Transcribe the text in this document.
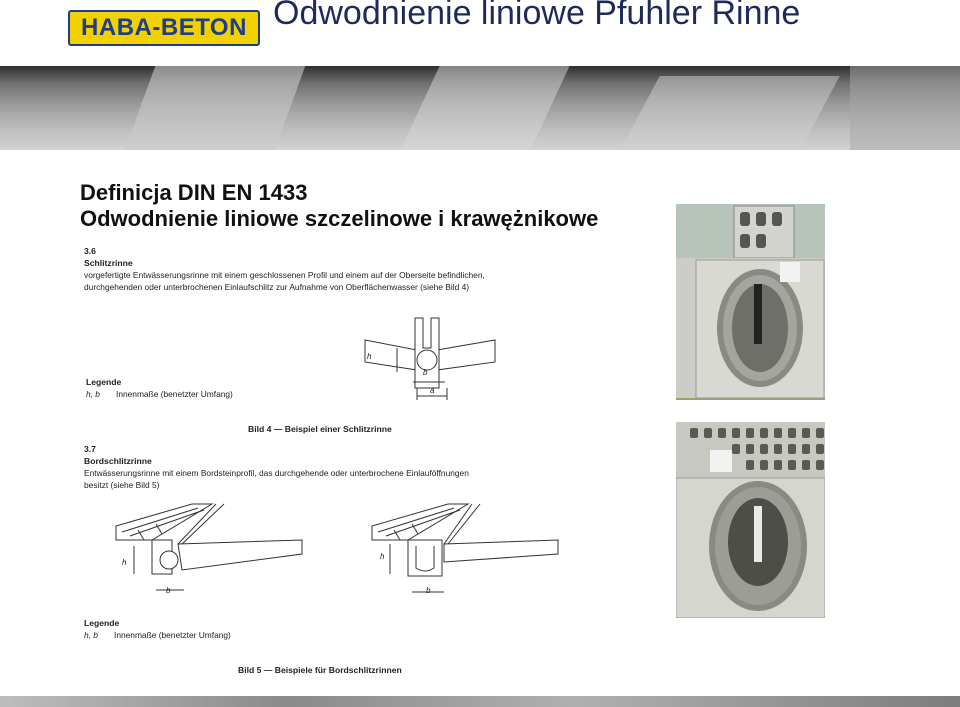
HABA-BETON Odwodnienie liniowe Pfuhler Rinne
Definicja DIN EN 1433
Odwodnienie liniowe szczelinowe i krawężnikowe
3.6
Schlitzrinne
vorgefertigte Entwässerungsrinne mit einem geschlossenen Profil und einem auf der Oberseite befindlichen,
durchgehenden oder unterbrochenen Einlaufschlitz zur Aufnahme von Oberflächenwasser (siehe Bild 4)
h
b
a
Legende
h, b Innenmaße (benetzter Umfang)
Bild 4 — Beispiel einer Schlitzrinne
3.7
Bordschlitzrinne
Entwässerungsrinne mit einem Bordsteinprofil, das durchgehende oder unterbrochene Einlauföffnungen
besitzt (siehe Bild 5)
h
b
h
b
Legende
h, b Innenmaße (benetzter Umfang)
Bild 5 — Beispiele für Bordschlitzrinnen
